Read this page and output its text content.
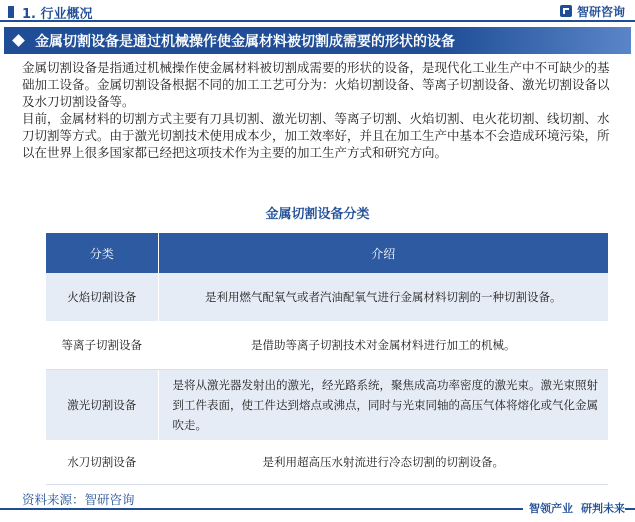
1. 行业概况	智研咨询
金属切割设备是通过机械操作使金属材料被切割成需要的形状的设备

金属切割设备是指通过机械操作使金属材料被切割成需要的形状的设备，是现代化工业生产中不可缺少的基础加工设备。金属切割设备根据不同的加工工艺可分为：火焰切割设备、等离子切割设备、激光切割设备以及水刀切割设备等。

目前，金属材料的切割方式主要有刀具切割、激光切割、等离子切割、火焰切割、电火花切割、线切割、水刀切割等方式。由于激光切割技术使用成本少，加工效率好，并且在加工生产中基本不会造成环境污染，所以在世界上很多国家都已经把这项技术作为主要的加工生产方式和研究方向。

金属切割设备分类
分类	介绍
火焰切割设备	是利用燃气配氧气或者汽油配氧气进行金属材料切割的一种切割设备。
等离子切割设备	是借助等离子切割技术对金属材料进行加工的机械。
激光切割设备	是将从激光器发射出的激光，经光路系统，聚焦成高功率密度的激光束。激光束照射到工件表面，使工件达到熔点或沸点，同时与光束同轴的高压气体将熔化或气化金属吹走。
水刀切割设备	是利用超高压水射流进行冷态切割的切割设备。
资料来源：智研咨询
智领产业 研判未来
